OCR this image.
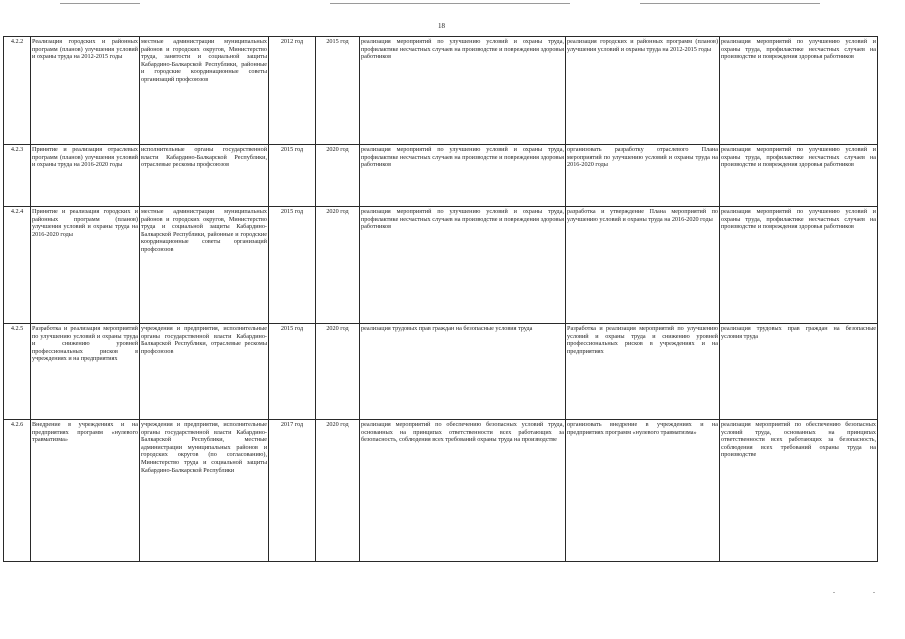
18
4.2.2	Реализация городских и районных программ (планов) улучшения условий и охраны труда на 2012-2015 годы	местные администрации муниципальных районов и городских округов, Министерство труда, занятости и социальной защиты Кабардино-Балкарской Республики, районные и городские координационные советы организаций профсоюзов	2012 год	2015 год	реализация мероприятий по улучшению условий и охраны труда, профилактике несчастных случаев на производстве и повреждения здоровья работников	реализация городских и районных программ (планов) улучшения условий и охраны труда на 2012-2015 годы	реализация мероприятий по улучшению условий и охраны труда, профилактике несчастных случаев на производстве и повреждения здоровья работников
4.2.3	Принятие и реализация отраслевых программ (планов) улучшения условий и охраны труда на 2016-2020 годы	исполнительные органы государственной власти Кабардино-Балкарской Республики, отраслевые рескомы профсоюзов	2015 год	2020 год	реализация мероприятий по улучшению условий и охраны труда, профилактике несчастных случаев на производстве и повреждения здоровья работников	организовать разработку отраслевого Плана мероприятий по улучшению условий и охраны труда на 2016-2020 годы	реализация мероприятий по улучшению условий и охраны труда, профилактике несчастных случаев на производстве и повреждения здоровья работников
4.2.4	Принятие и реализация городских и районных программ (планов) улучшения условий и охраны труда на 2016-2020 годы	местные администрации муниципальных районов и городских округов, Министерство труда и социальной защиты Кабардино-Балкарской Республики, районные и городские координационные советы организаций профсоюзов	2015 год	2020 год	реализация мероприятий по улучшению условий и охраны труда, профилактике несчастных случаев на производстве и повреждения здоровья работников	разработка и утверждение Плана мероприятий по улучшению условий и охраны труда на 2016-2020 годы	реализация мероприятий по улучшению условий и охраны труда, профилактике несчастных случаев на производстве и повреждения здоровья работников
4.2.5	Разработка и реализация мероприятий по улучшению условий и охраны труда и снижению уровней профессиональных рисков в учреждениях и на предприятиях	учреждения и предприятия, исполнительные органы государственной власти Кабардино-Балкарской Республики, отраслевые рескомы профсоюзов	2015 год	2020 год	реализация трудовых прав граждан на безопасные условия труда	Разработка и реализация мероприятий по улучшению условий и охраны труда и снижению уровней профессиональных рисков в учреждениях и на предприятиях	реализация трудовых прав граждан на безопасные условия труда
4.2.6	Внедрение в учреждениях и на предприятиях программ «нулевого травматизма»	учреждения и предприятия, исполнительные органы государственной власти Кабардино-Балкарской Республики, местные администрации муниципальных районов и городских округов (по согласованию), Министерство труда и социальной защиты Кабардино-Балкарской Республики	2017 год	2020 год	реализация мероприятий по обеспечению безопасных условий труда, основанных на принципах ответственности всех работающих за безопасность, соблюдения всех требований охраны труда на производстве	организовать внедрение в учреждениях и на предприятиях программ «нулевого травматизма»	реализация мероприятий по обеспечению безопасных условий труда, основанных на принципах ответственности всех работающих за безопасность, соблюдения всех требований охраны труда на производстве
. .
